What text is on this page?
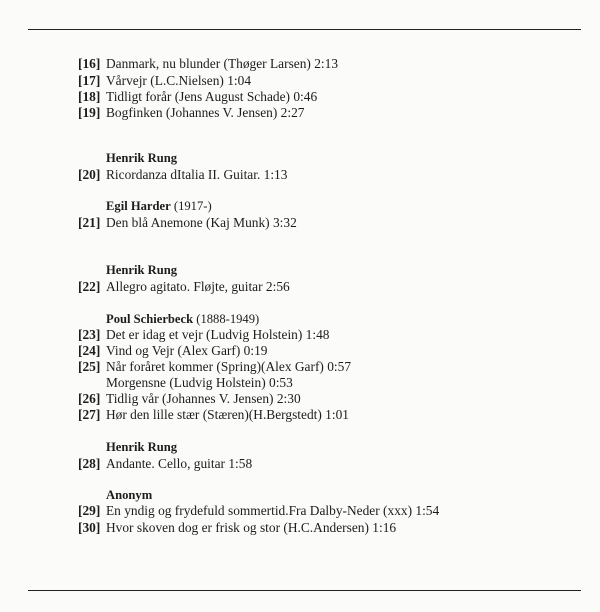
[16] Danmark, nu blunder (Thøger Larsen) 2:13
[17] Vårvejr (L.C.Nielsen) 1:04
[18] Tidligt forår (Jens August Schade) 0:46
[19] Bogfinken (Johannes V. Jensen) 2:27
Henrik Rung
[20] Ricordanza dItalia II. Guitar. 1:13
Egil Harder (1917-)
[21] Den blå Anemone (Kaj Munk) 3:32
Henrik Rung
[22] Allegro agitato. Fløjte, guitar 2:56
Poul Schierbeck (1888-1949)
[23] Det er idag et vejr (Ludvig Holstein) 1:48
[24] Vind og Vejr (Alex Garf) 0:19
[25] Når foråret kommer (Spring)(Alex Garf) 0:57
Morgensne (Ludvig Holstein) 0:53
[26] Tidlig vår (Johannes V. Jensen) 2:30
[27] Hør den lille stær (Stæren)(H.Bergstedt) 1:01
Henrik Rung
[28] Andante. Cello, guitar 1:58
Anonym
[29] En yndig og frydefuld sommertid.Fra Dalby-Neder (xxx) 1:54
[30] Hvor skoven dog er frisk og stor (H.C.Andersen) 1:16
